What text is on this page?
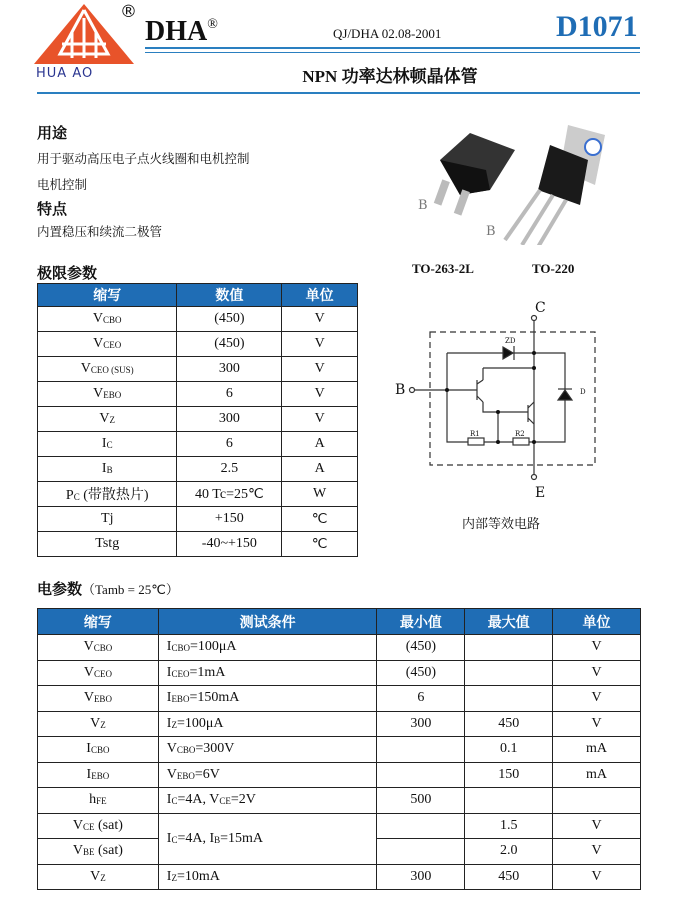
HUA AO
®
DHA®
QJ/DHA 02.08-2001	D1071
NPN 功率达林顿晶体管
用途
用于驱动高压电子点火线圈和电机控制
电机控制
特点
内置稳压和续流二极管
B
B
TO-263-2L	TO-220
C
B
E
ZD
D
R1	R2
内部等效电路
极限参数
缩写	数值	单位
$V_{CBO}$	(450)	V
$V_{CEO}$	(450)	V
$V_{CEO (SUS)}$	300	V
$V_{EBO}$	6	V
$V_Z$	300	V
$I_C$	6	A
$I_B$	2.5	A
$P_C$ (带散热片)	40 Tc=25℃	W
Tj	+150	℃
Tstg	-40~+150	℃
电参数（Tamb = 25℃）
缩写	测试条件	最小值	最大值	单位
$V_{CBO}$	$I_{CBO}=100\mu A$	(450)		V
$V_{CEO}$	$I_{CEO}=1mA$	(450)		V
$V_{EBO}$	$I_{EBO}=150mA$	6		V
$V_Z$	$I_Z=100\mu A$	300	450	V
$I_{CBO}$	$V_{CBO}=300V$		0.1	mA
$I_{EBO}$	$V_{EBO}=6V$		150	mA
$h_{FE}$	$I_C=4A$, $V_{CE}=2V$	500		
$V_{CE}$ (sat)	$I_C=4A$, $I_B=15mA$		1.5	V
$V_{BE}$ (sat)			2.0	V
$V_Z$	$I_Z=10mA$	300	450	V
